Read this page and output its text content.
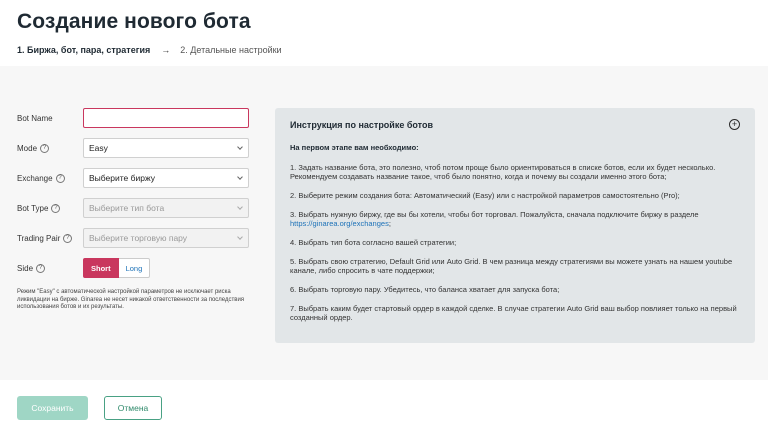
Создание нового бота
1. Биржа, бот, пара, стратегия → 2. Детальные настройки
Bot Name
Mode ?	Easy
Exchange ?	Выберите биржу
Bot Type ?	Выберите тип бота
Trading Pair ?	Выберите торговую пару
Side ?	Short	Long

Режим "Easy" с автоматической настройкой параметров не исключает риска ликвидации на бирже. Ginarea не несет никакой ответственности за последствия использования ботов и их результаты.

Инструкция по настройке ботов	+
На первом этапе вам необходимо:

1. Задать название бота, это полезно, чтоб потом проще было ориентироваться в списке ботов, если их будет несколько. Рекомендуем создавать название такое, чтоб было понятно, когда и почему вы создали именно этого бота;

2. Выберите режим создания бота: Автоматический (Easy) или с настройкой параметров самостоятельно (Pro);

3. Выбрать нужную биржу, где вы бы хотели, чтобы бот торговал. Пожалуйста, сначала подключите биржу в разделе
https://ginarea.org/exchanges;

4. Выбрать тип бота согласно вашей стратегии;

5. Выбрать свою стратегию, Default Grid или Auto Grid. В чем разница между стратегиями вы можете узнать на нашем youtube канале, либо спросить в чате поддержки;

6. Выбрать торговую пару. Убедитесь, что баланса хватает для запуска бота;

7. Выбрать каким будет стартовый ордер в каждой сделке. В случае стратегии Auto Grid ваш выбор повлияет только на первый созданный ордер.

Сохранить	Отмена
